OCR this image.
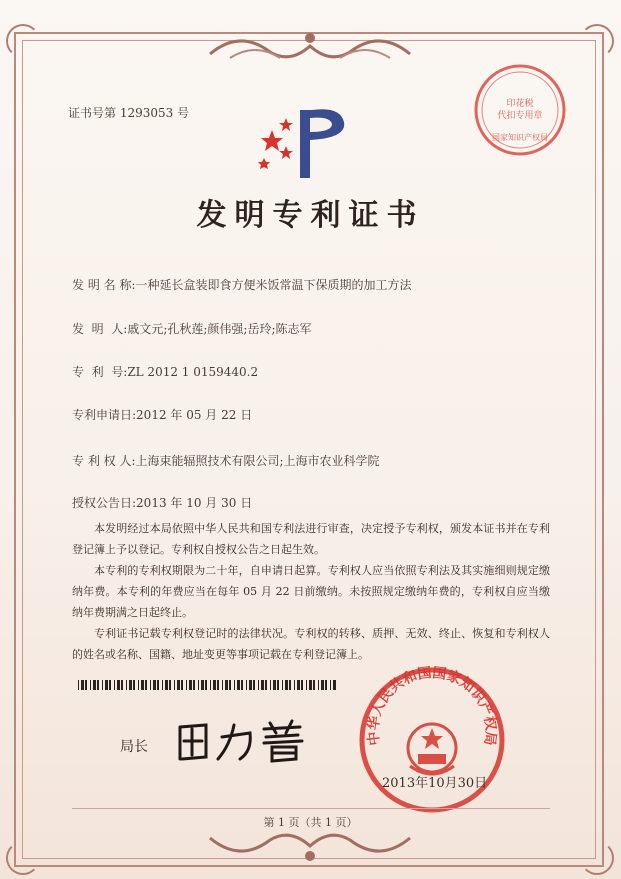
证书号第 1293053 号
印花税
代扣专用章
国家知识产权局
发明专利证书
发 明 名 称:一种延长盒装即食方便米饭常温下保质期的加工方法
发  明  人:戚文元;孔秋莲;颜伟强;岳玲;陈志军
专  利  号:ZL 2012 1 0159440.2
专利申请日:2012 年 05 月 22 日
专 利 权 人:上海束能辐照技术有限公司;上海市农业科学院
授权公告日:2013 年 10 月 30 日

本发明经过本局依照中华人民共和国专利法进行审查，决定授予专利权，颁发本证书并在专利登记簿上予以登记。专利权自授权公告之日起生效。

本专利的专利权期限为二十年，自申请日起算。专利权人应当依照专利法及其实施细则规定缴纳年费。本专利的年费应当在每年 05 月 22 日前缴纳。未按照规定缴纳年费的，专利权自应当缴纳年费期满之日起终止。

专利证书记载专利权登记时的法律状况。专利权的转移、质押、无效、终止、恢复和专利权人的姓名或名称、国籍、地址变更等事项记载在专利登记簿上。

局长
中华人民共和国国家知识产权局
2013年10月30日
第 1 页（共 1 页）
